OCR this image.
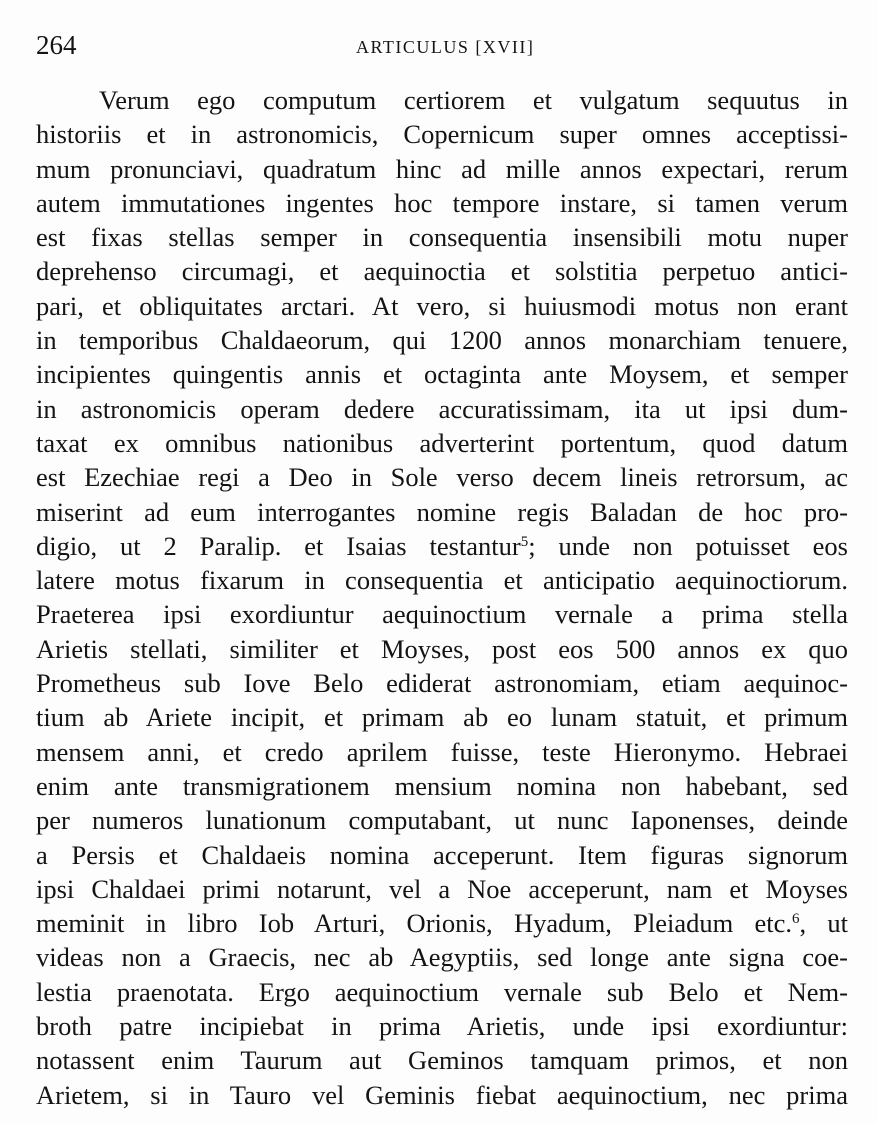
264	ARTICULUS [XVII]
Verum ego computum certiorem et vulgatum sequutus in
historiis et in astronomicis, Copernicum super omnes acceptissi-
mum pronunciavi, quadratum hinc ad mille annos expectari, rerum
autem immutationes ingentes hoc tempore instare, si tamen verum
est fixas stellas semper in consequentia insensibili motu nuper
deprehenso circumagi, et aequinoctia et solstitia perpetuo antici-
pari, et obliquitates arctari. At vero, si huiusmodi motus non erant
in temporibus Chaldaeorum, qui 1200 annos monarchiam tenuere,
incipientes quingentis annis et octaginta ante Moysem, et semper
in astronomicis operam dedere accuratissimam, ita ut ipsi dum-
taxat ex omnibus nationibus adverterint portentum, quod datum
est Ezechiae regi a Deo in Sole verso decem lineis retrorsum, ac
miserint ad eum interrogantes nomine regis Baladan de hoc pro-
digio, ut 2 Paralip. et Isaias testantur$^5$; unde non potuisset eos
latere motus fixarum in consequentia et anticipatio aequinoctiorum.
Praeterea ipsi exordiuntur aequinoctium vernale a prima stella
Arietis stellati, similiter et Moyses, post eos 500 annos ex quo
Prometheus sub Iove Belo ediderat astronomiam, etiam aequinoc-
tium ab Ariete incipit, et primam ab eo lunam statuit, et primum
mensem anni, et credo aprilem fuisse, teste Hieronymo. Hebraei
enim ante transmigrationem mensium nomina non habebant, sed
per numeros lunationum computabant, ut nunc Iaponenses, deinde
a Persis et Chaldaeis nomina acceperunt. Item figuras signorum
ipsi Chaldaei primi notarunt, vel a Noe acceperunt, nam et Moyses
meminit in libro Iob Arturi, Orionis, Hyadum, Pleiadum etc.$^6$, ut
videas non a Graecis, nec ab Aegyptiis, sed longe ante signa coe-
lestia praenotata. Ergo aequinoctium vernale sub Belo et Nem-
broth patre incipiebat in prima Arietis, unde ipsi exordiuntur:
notassent enim Taurum aut Geminos tamquam primos, et non
Arietem, si in Tauro vel Geminis fiebat aequinoctium, nec prima
